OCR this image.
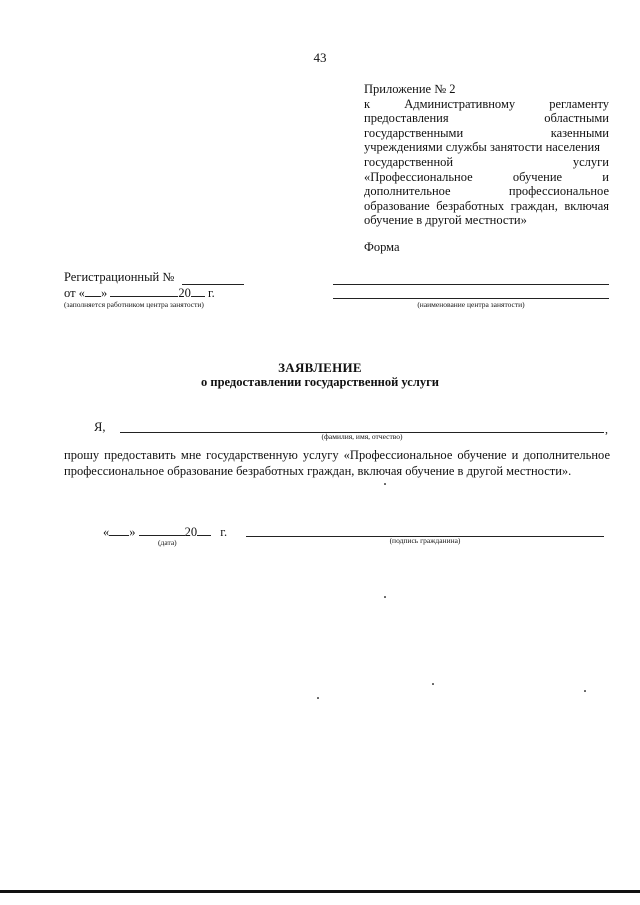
43
Приложение № 2
к Административному регламенту
предоставления областными
государственными казенными
учреждениями службы занятости населения
государственной услуги
«Профессиональное обучение и
дополнительное профессиональное
образование безработных граждан, включая
обучение в другой местности»
Форма
Регистрационный №
от « »	20 г.
(заполняется работником центра занятости)	(наименование центра занятости)
ЗАЯВЛЕНИЕ
о предоставлении государственной услуги
Я,	,
(фамилия, имя, отчество)
прошу предоставить мне государственную услугу «Профессиональное обучение и дополнительное
профессиональное образование безработных граждан, включая обучение в другой местности».
« »	20 г.
(дата)	(подпись гражданина)
